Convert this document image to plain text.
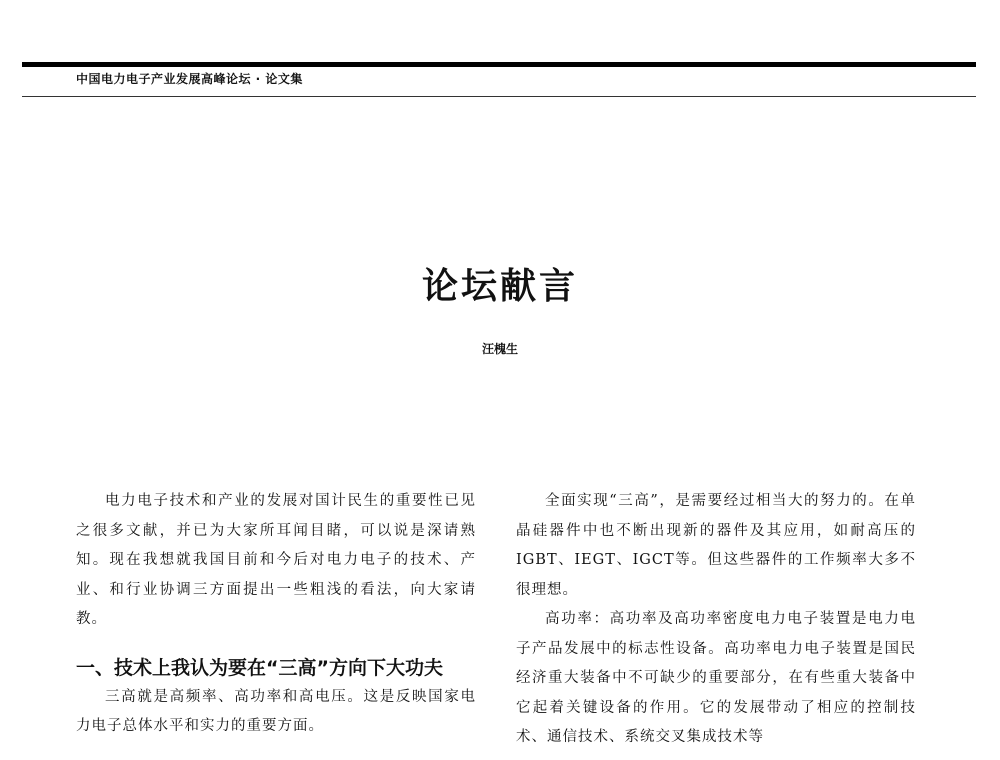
中国电力电子产业发展高峰论坛 · 论文集
论坛献言
汪槐生

电力电子技术和产业的发展对国计民生的重要性已见之很多文献，并已为大家所耳闻目睹，可以说是深请熟知。现在我想就我国目前和今后对电力电子的技术、产业、和行业协调三方面提出一些粗浅的看法，向大家请教。

一、技术上我认为要在“三高”方向下大功夫

三高就是高频率、高功率和高电压。这是反映国家电力电子总体水平和实力的重要方面。

全面实现“三高”，是需要经过相当大的努力的。在单晶硅器件中也不断出现新的器件及其应用，如耐高压的IGBT、IEGT、IGCT等。但这些器件的工作频率大多不很理想。

高功率：高功率及高功率密度电力电子装置是电力电子产品发展中的标志性设备。高功率电力电子装置是国民经济重大装备中不可缺少的重要部分，在有些重大装备中它起着关键设备的作用。它的发展带动了相应的控制技术、通信技术、系统交叉集成技术等
